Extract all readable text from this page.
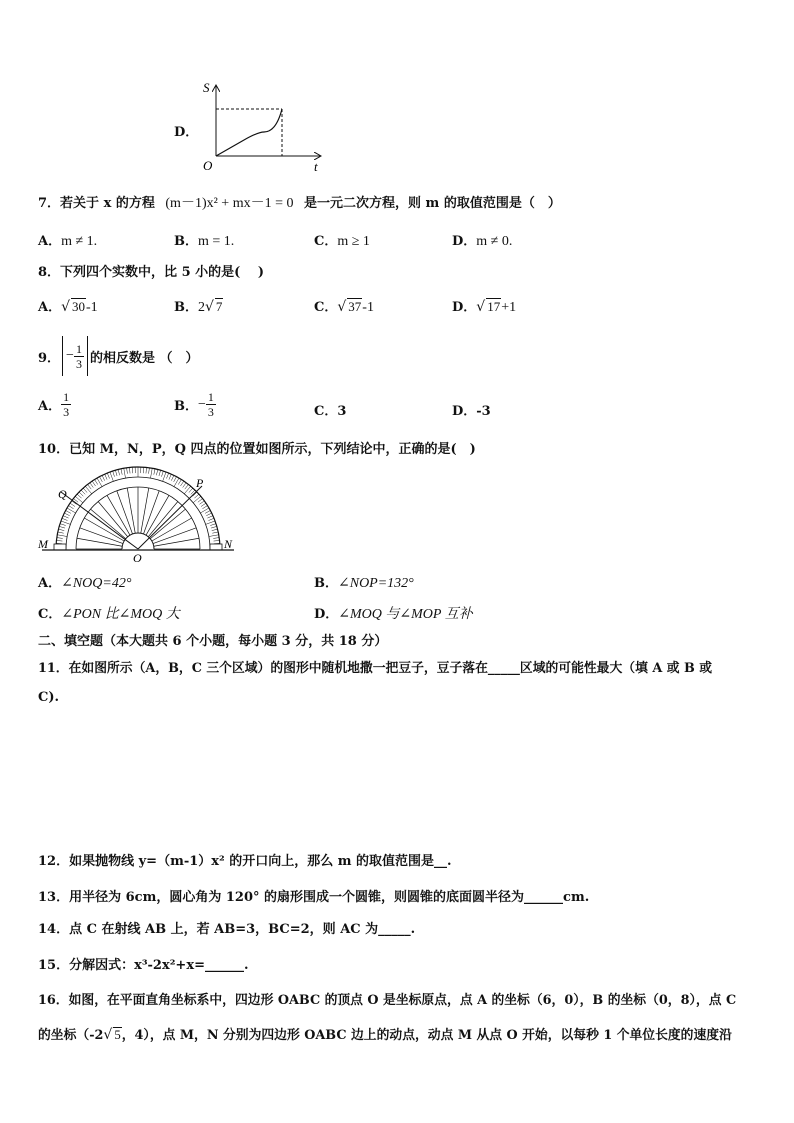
D．
S
t
O
7．若关于 x 的方程 (m－1)x² + mx－1 = 0 是一元二次方程，则 m 的取值范围是（　）
A．m ≠ 1.	B．m = 1.	C．m ≥ 1	D．m ≠ 0.
8．下列四个实数中，比 5 小的是(　 )
A．√ 30-1	B．2√ 7	C．√ 37-1	D．√ 17+1
9． − $\frac{1}{3}$ 的相反数是 （　）
A． $\frac{1}{3}$	B． − $\frac{1}{3}$	C．3	D．-3
10．已知 M，N，P，Q 四点的位置如图所示，下列结论中，正确的是(　)
M	N
Q
P
O
A．∠NOQ=42°	B．∠NOP=132°
C．∠PON 比∠MOQ 大	D．∠MOQ 与∠MOP 互补
二、填空题（本大题共 6 个小题，每小题 3 分，共 18 分）
11．在如图所示（A，B，C 三个区域）的图形中随机地撒一把豆子，豆子落在_____区域的可能性最大（填 A 或 B 或
C).
12．如果抛物线 y=（m-1）x² 的开口向上，那么 m 的取值范围是__.
13．用半径为 6cm，圆心角为 120° 的扇形围成一个圆锥，则圆锥的底面圆半径为______cm.
14．点 C 在射线 AB 上，若 AB=3，BC=2，则 AC 为_____.
15．分解因式：x³-2x²+x=______.
16．如图，在平面直角坐标系中，四边形 OABC 的顶点 O 是坐标原点，点 A 的坐标（6，0），B 的坐标（0，8），点 C
的坐标（-2√ 5，4），点 M，N 分别为四边形 OABC 边上的动点，动点 M 从点 O 开始，以每秒 1 个单位长度的速度沿
